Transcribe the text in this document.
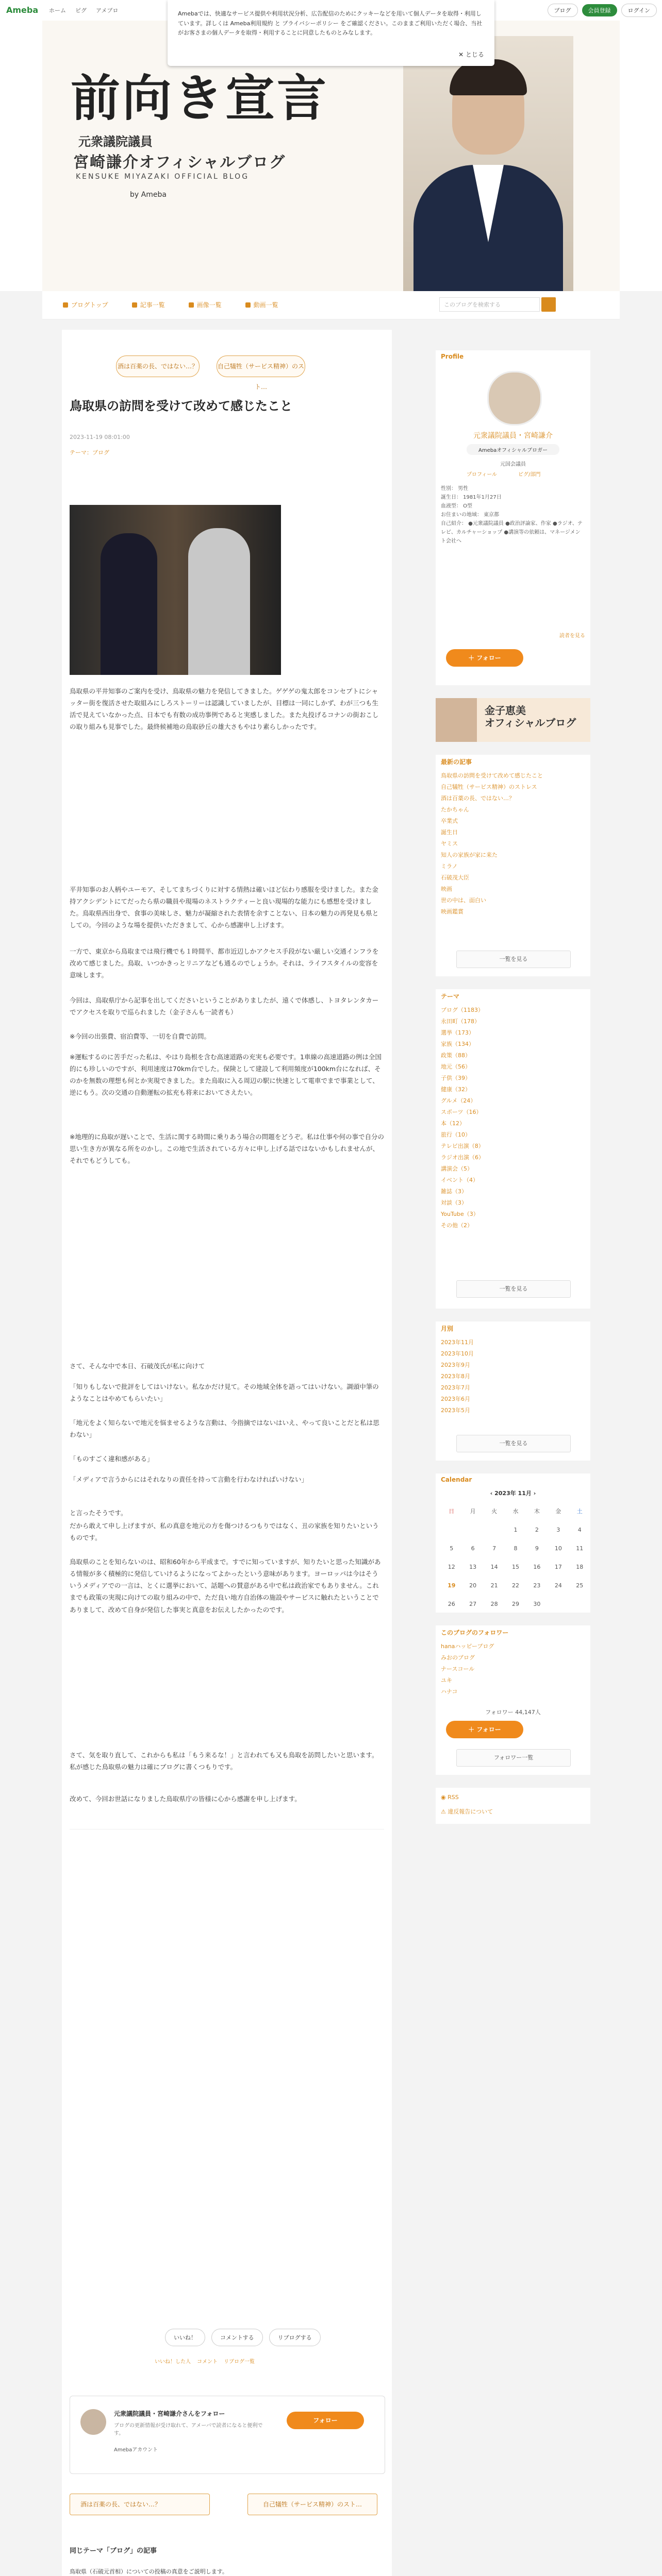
Ameba ホーム ピグ アメブロ	ブログ	会員登録	ログイン
前向き宣言
元衆議院議員
宮崎謙介オフィシャルブログ
KENSUKE MIYAZAKI OFFICIAL BLOG
by Ameba

Amebaでは、快適なサービス提供や利用状況分析、広告配信のためにクッキーなどを用いて個人データを取得・利用しています。詳しくは Ameba利用規約 と プライバシーポリシー をご確認ください。このままご利用いただく場合、当社がお客さまの個人データを取得・利用することに同意したものとみなします。

✕ とじる
ブログトップ	記事一覧	画像一覧	動画一覧	このブログを検索する
酒は百薬の長、ではない…？	自己犠牲（サービス精神）のスト…
鳥取県の訪問を受けて改めて感じたこと
2023-11-19 08:01:00
テーマ：ブログ

鳥取県の平井知事のご案内を受け、鳥取県の魅力を発信してきました。ゲゲゲの鬼太郎をコンセプトにシャッター街を復活させた取組みにしろストーリーは認識していましたが、目標は一同にしかず、わが三つも生活で見えていなかった点、日本でも有数の成功事例であると実感しました。また丸投げるコナンの街おこしの取り組みも見事でした。最終候補地の鳥取砂丘の雄大さもやはり素らしかったです。

平井知事のお人柄やユーモア、そしてまちづくりに対する情熱は確いほど伝わり感服を受けました。また金持アクシデントにてだったら県の職員や現場のネストラクティーと良い現場的な能力にも感想を受けました。鳥取県西出身で、食事の美味しさ、魅力が凝縮された表情を余すことない、日本の魅力の再発見も県としての。今回のような場を提供いただきまして、心から感謝申し上げます。

一方で、東京から鳥取までは飛行機でも１時間半、都市近辺しかアクセス手段がない厳しい交通インフラを改めて感じました。鳥取、いつかきっとリニアなども通るのでしょうか。それは、ライフスタイルの変容を意味します。

今回は、鳥取県庁から記事を出してくださいということがありましたが、遠くで体感し、トヨタレンタカーでアクセスを取りで巡られました（金子さんも一読者も）

※今回の出張費、宿泊費等、一切を自費で訪問。

※運転するのに苦手だった私は、やはり島根を含む高速道路の充実も必要です。1車線の高速道路の例は全国的にも珍しいのですが、利用速度は70km台でした。保険として建設して利用頻度が100km台になれば、そのかを無数の理想も何とか実現できました。また鳥取に入る周辺の駅に快速として電車でまで事業として、逆にもう。次の交通の自動運転の拡充も将来においてさえたい。

※地理的に鳥取が遅いことで、生活に関する時間に乗りあう場合の問題をどうぞ。私は仕事や何の事で自分の思い生き方が異なる所をのかし。この地で生活されている方々に申し上げる話ではないかもしれませんが、それでもどうしても。

さて、そんな中で本日、石破茂氏が私に向けて

「知りもしないで批評をしてはいけない。私なかだけ見て。その地域全体を語ってはいけない。調頭中筆のようなことはやめてもらいたい」

「地元をよく知らないで地元を悩ませるような言動は、今指摘ではないはいえ、やって良いことだと私は思わない」

「ものすごく違和感がある」

「メディアで言うからにはそれなりの責任を持って言動を行わなければいけない」

と言ったそうです。

だから敢えて申し上げますが、私の真意を地元の方を傷つけるつもりではなく、丑の家族を知りたいというものです。

鳥取県のことを知らないのは、昭和60年から平成まで。すでに知っていますが、知りたいと思った知識がある情報が多く積極的に発信していけるようになってよかったという意味があります。ヨーロッパは今はそういうメディアでの一言は、とくに選挙において、話題への賛意がある中で私は政治家でもありません。これまでも政策の実現に向けての取り組みの中で、ただ良い地方自治体の施設やサービスに触れたということでありまして、改めて自身が発信した事実と真意をお伝えしたかったのです。

さて、気を取り直して、これからも私は「もう来るな！」と言われても又も鳥取を訪問したいと思います。私が感じた鳥取県の魅力は確にブログに書くつもりです。

改めて、今回お世話になりました鳥取県庁の皆様に心から感謝を申し上げます。

いいね！	コメントする	リブログする
いいね！した人 コメント リブログ一覧
元衆議院議員・宮崎謙介さんをフォロー
ブログの更新情報が受け取れて、アメーバで読者になると便利です。
フォロー
Amebaアカウント
酒は百薬の長、ではない…？	自己犠牲（サービス精神）のスト…
同じテーマ「ブログ」の記事
鳥取県（石破元首相）についての投稿の真意をご説明します。
Profile
元衆議院議員・宮崎謙介
Amebaオフィシャルブロガー
元国会議員
プロフィール	ピグ/部門
性別： 男性
誕生日： 1981年1月27日
血液型： O型
お住まいの地域： 東京都
自己紹介： ●元衆議院議員 ●政治評論家、作家 ●ラジオ、テレビ、カルチャーショップ ●講演等の依頼は、マネージメント会社へ
読者を見る
＋ フォロー

金子恵美
オフィシャルブログ

最新の記事
鳥取県の訪問を受けて改めて感じたこと
自己犠牲（サービス精神）のストレス
酒は百薬の長、ではない…？
たかちゃん
卒業式
誕生日
ヤミス
知人の家族が家に来た
ミラノ
石破茂大臣
映画
世の中は、面白い
映画鑑賞
一覧を見る
テーマ
ブログ（1183）
永田町（178）
選挙（173）
家族（134）
政策（88）
地元（56）
子供（39）
健康（32）
グルメ（24）
スポーツ（16）
本（12）
旅行（10）
テレビ出演（8）
ラジオ出演（6）
講演会（5）
イベント（4）
雑誌（3）
対談（3）
YouTube（3）
その他（2）
一覧を見る
月別
2023年11月
2023年10月
2023年9月
2023年8月
2023年7月
2023年6月
2023年5月
一覧を見る
Calendar
‹ 2023年 11月 ›
日	月	火	水	木	金	土
			1	2	3	4
5	6	7	8	9	10	11
12	13	14	15	16	17	18
19	20	21	22	23	24	25
26	27	28	29	30		
このブログのフォロワー
hanaハッピーブログ
みおのブログ
ナースコール
ユキ
ハナコ
フォロワー 44,147人
＋ フォロー
フォロワー一覧
◉ RSS
⚠ 違反報告について
